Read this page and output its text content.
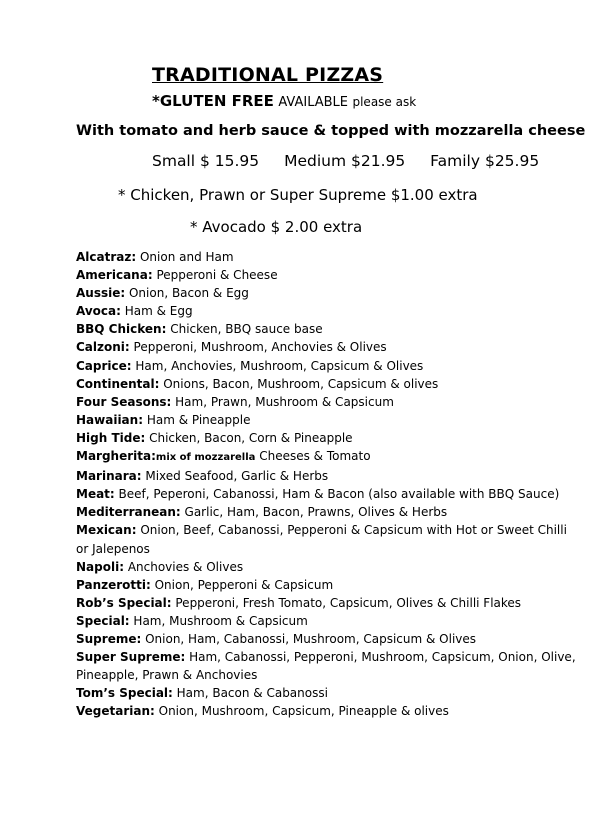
TRADITIONAL PIZZAS
*GLUTEN FREE AVAILABLE please ask
With tomato and herb sauce & topped with mozzarella cheese
Small $ 15.95 Medium $21.95 Family $25.95
* Chicken, Prawn or Super Supreme $1.00 extra
* Avocado $ 2.00 extra
Alcatraz: Onion and Ham
Americana: Pepperoni & Cheese
Aussie: Onion, Bacon & Egg
Avoca: Ham & Egg
BBQ Chicken: Chicken, BBQ sauce base
Calzoni: Pepperoni, Mushroom, Anchovies & Olives
Caprice: Ham, Anchovies, Mushroom, Capsicum & Olives
Continental: Onions, Bacon, Mushroom, Capsicum & olives
Four Seasons: Ham, Prawn, Mushroom & Capsicum
Hawaiian: Ham & Pineapple
High Tide: Chicken, Bacon, Corn & Pineapple
Margherita:mix of mozzarella Cheeses & Tomato
Marinara: Mixed Seafood, Garlic & Herbs
Meat: Beef, Peperoni, Cabanossi, Ham & Bacon (also available with BBQ Sauce)
Mediterranean: Garlic, Ham, Bacon, Prawns, Olives & Herbs
Mexican: Onion, Beef, Cabanossi, Pepperoni & Capsicum with Hot or Sweet Chilli or Jalepenos
Napoli: Anchovies & Olives
Panzerotti: Onion, Pepperoni & Capsicum
Rob’s Special: Pepperoni, Fresh Tomato, Capsicum, Olives & Chilli Flakes
Special: Ham, Mushroom & Capsicum
Supreme: Onion, Ham, Cabanossi, Mushroom, Capsicum & Olives
Super Supreme: Ham, Cabanossi, Pepperoni, Mushroom, Capsicum, Onion, Olive, Pineapple, Prawn & Anchovies
Tom’s Special: Ham, Bacon & Cabanossi
Vegetarian: Onion, Mushroom, Capsicum, Pineapple & olives
